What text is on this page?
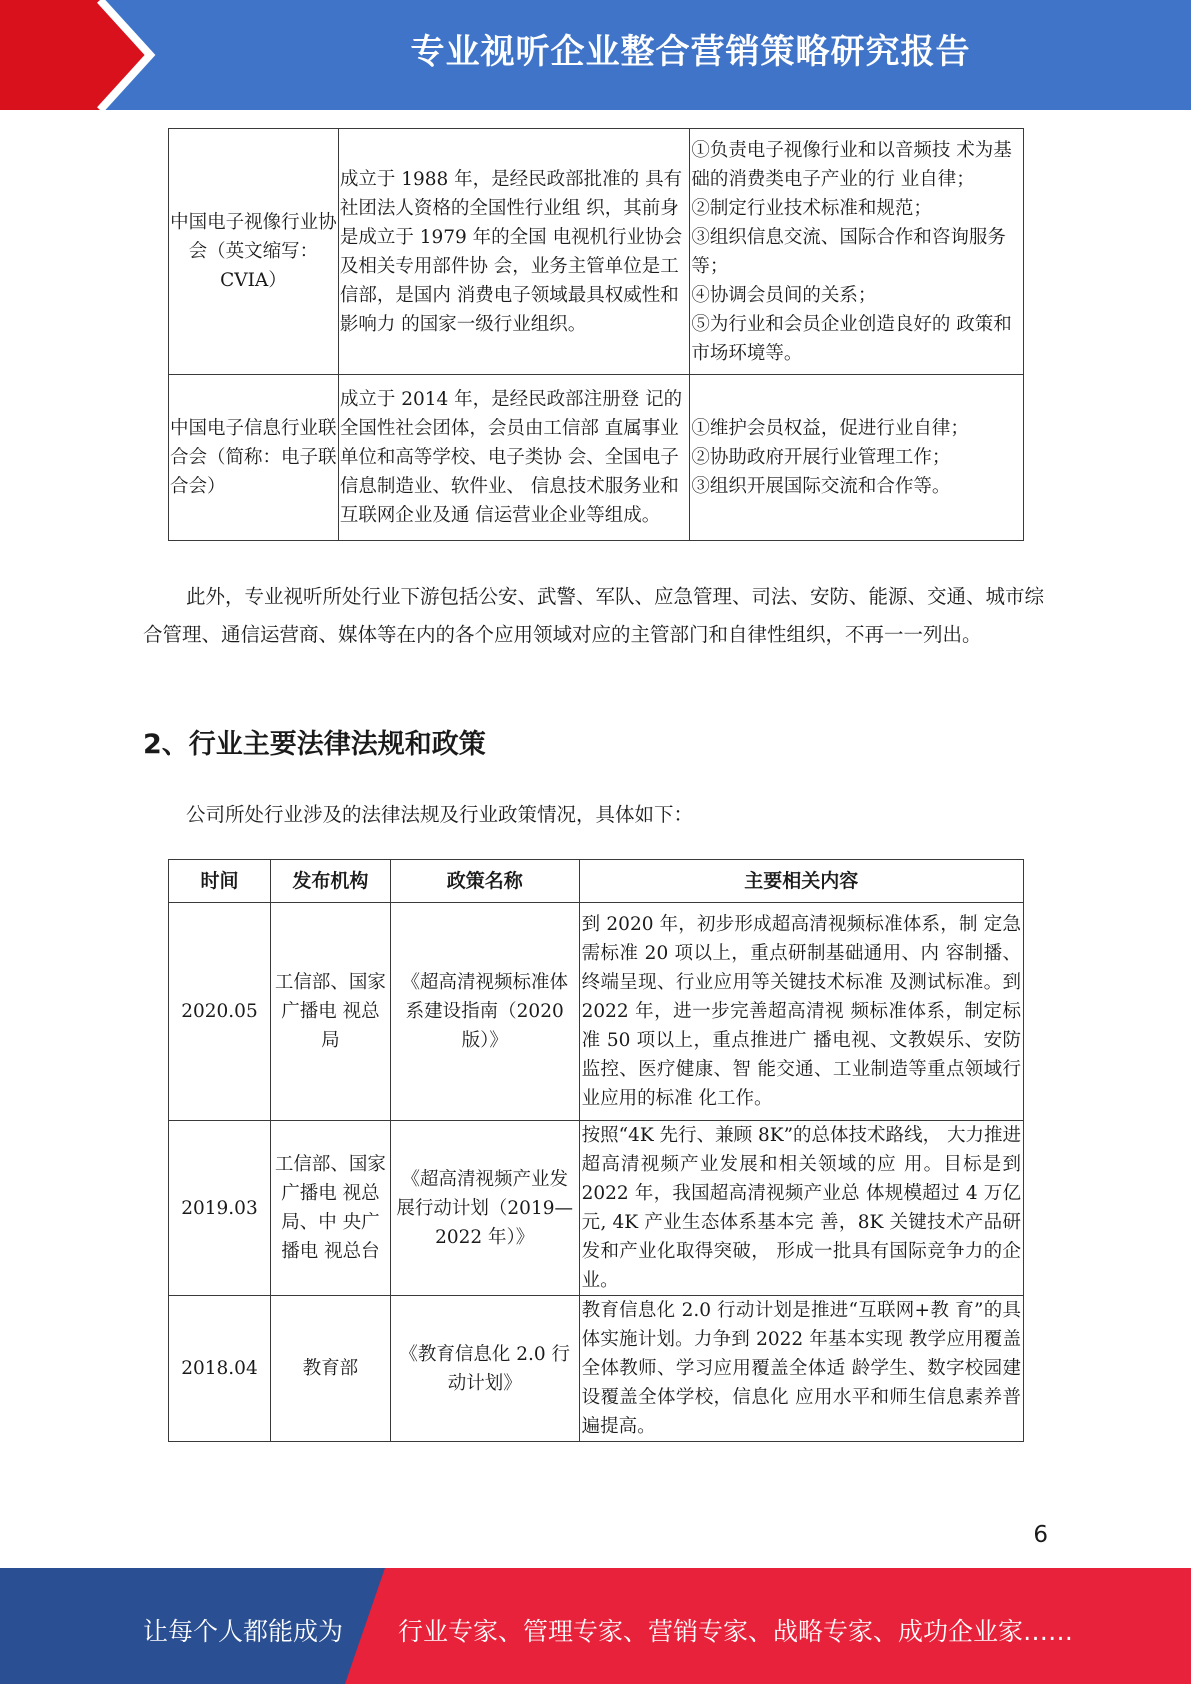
专业视听企业整合营销策略研究报告
中国电子视像行业协会（英文缩写：CVIA）	成立于 1988 年，是经民政部批准的 具有社团法人资格的全国性行业组 织，其前身是成立于 1979 年的全国 电视机行业协会及相关专用部件协 会，业务主管单位是工信部，是国内 消费电子领域最具权威性和影响力 的国家一级行业组织。	①负责电子视像行业和以音频技 术为基础的消费类电子产业的行 业自律；
②制定行业技术标准和规范；
③组织信息交流、国际合作和咨询服务等；
④协调会员间的关系；
⑤为行业和会员企业创造良好的 政策和市场环境等。

中国电子信息行业联合会（简称：电子联合会）	成立于 2014 年，是经民政部注册登 记的全国性社会团体，会员由工信部 直属事业单位和高等学校、电子类协 会、全国电子信息制造业、软件业、 信息技术服务业和互联网企业及通 信运营业企业等组成。	①维护会员权益，促进行业自律；
②协助政府开展行业管理工作；
③组织开展国际交流和合作等。
此外，专业视听所处行业下游包括公安、武警、军队、应急管理、司法、安防、能源、交通、城市综合管理、通信运营商、媒体等在内的各个应用领域对应的主管部门和自律性组织，不再一一列出。
2、行业主要法律法规和政策
公司所处行业涉及的法律法规及行业政策情况，具体如下：
时间	发布机构	政策名称	主要相关内容
2020.05	工信部、国家广播电 视总局	《超高清视频标准体系建设指南（2020 版）》	到 2020 年，初步形成超高清视频标准体系，制 定急需标准 20 项以上，重点研制基础通用、内 容制播、终端呈现、行业应用等关键技术标准 及测试标准。到 2022 年，进一步完善超高清视 频标准体系，制定标准 50 项以上，重点推进广 播电视、文教娱乐、安防监控、医疗健康、智 能交通、工业制造等重点领域行业应用的标准 化工作。
2019.03	工信部、国家广播电 视总局、中 央广播电 视总台	《超高清视频产业发展行动计划（2019—2022 年）》	按照“4K 先行、兼顾 8K”的总体技术路线， 大力推进超高清视频产业发展和相关领域的应 用。目标是到 2022 年，我国超高清视频产业总 体规模超过 4 万亿元, 4K 产业生态体系基本完 善，8K 关键技术产品研发和产业化取得突破， 形成一批具有国际竞争力的企业。
2018.04	教育部	《教育信息化 2.0 行动计划》	教育信息化 2.0 行动计划是推进“互联网+教 育”的具体实施计划。力争到 2022 年基本实现 教学应用覆盖全体教师、学习应用覆盖全体适 龄学生、数字校园建设覆盖全体学校，信息化 应用水平和师生信息素养普遍提高。
6
让每个人都能成为 行业专家、管理专家、营销专家、战略专家、成功企业家……
